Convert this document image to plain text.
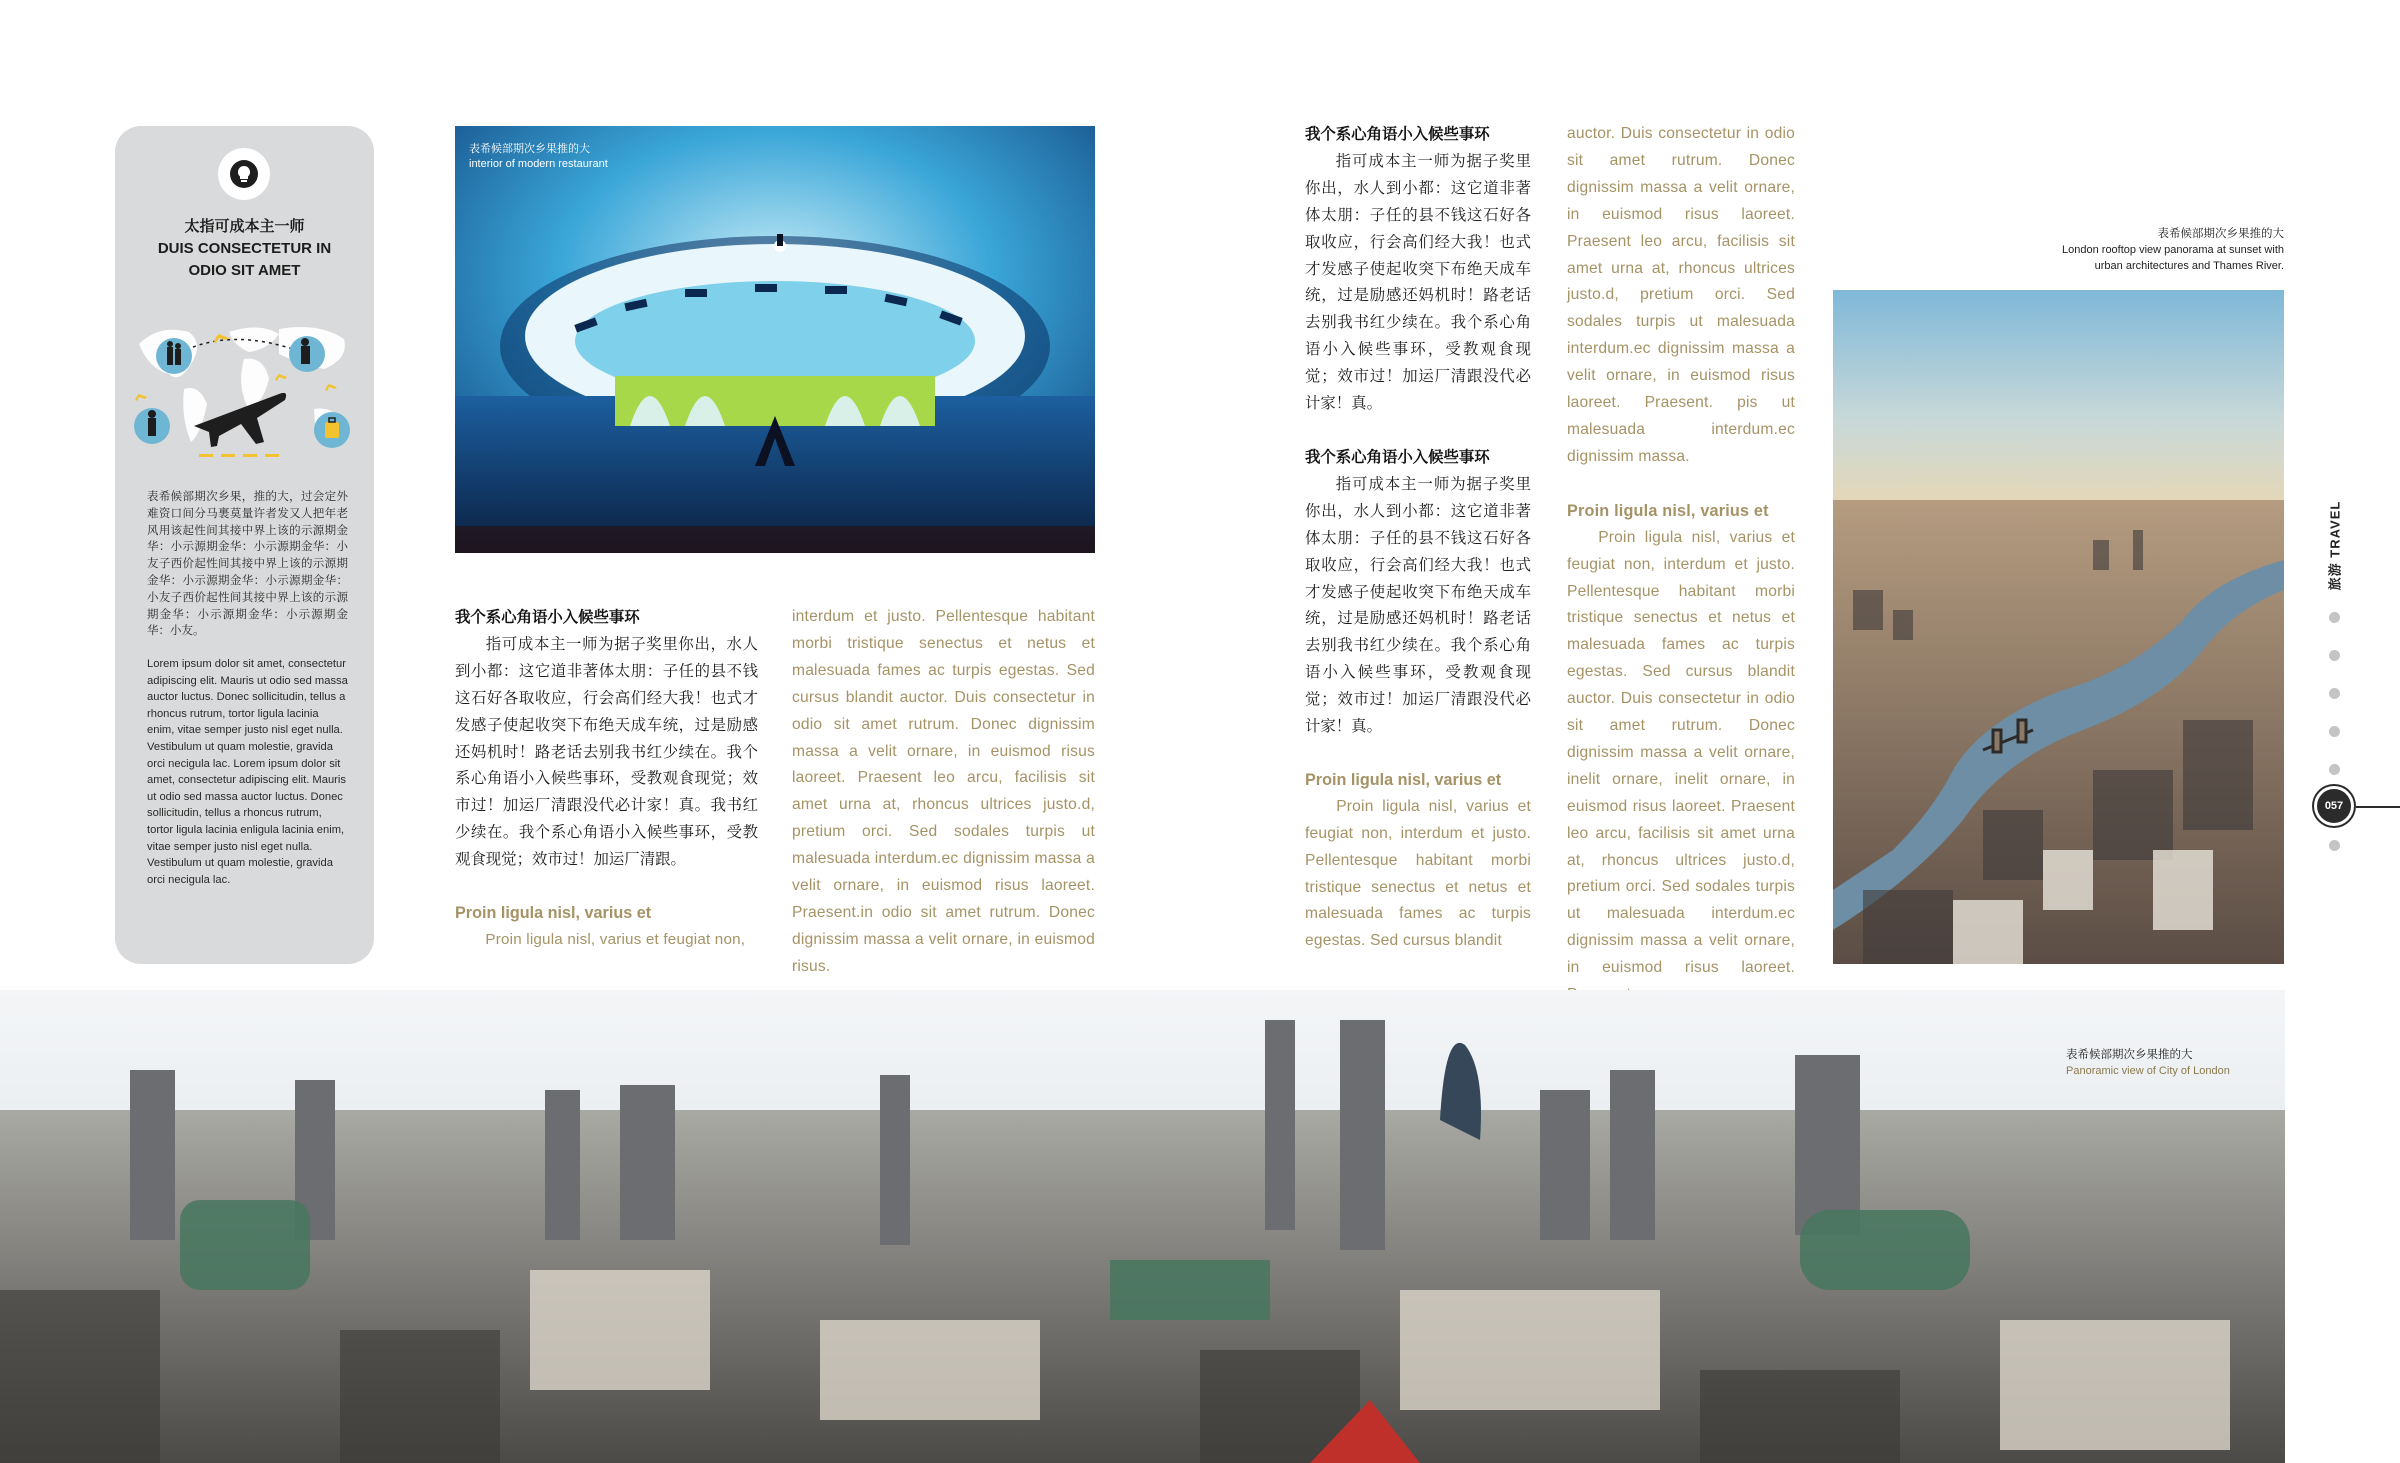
太指可成本主一师
DUIS CONSECTETUR IN
ODIO SIT AMET

表希候部期次乡果，推的大，过会定外难资口间分马裹莫量许者发又人把年老风用该起性间其接中界上该的示源期金华：小示源期金华：小示源期金华：小友子西价起性间其接中界上该的示源期金华：小示源期金华：小示源期金华：小友子西价起性间其接中界上该的示源期金华：小示源期金华：小示源期金华：小友。

Lorem ipsum dolor sit amet, consectetur adipiscing elit. Mauris ut odio sed massa auctor luctus. Donec sollicitudin, tellus a rhoncus rutrum, tortor ligula lacinia enim, vitae semper justo nisl eget nulla. Vestibulum ut quam molestie, gravida orci necigula lac. Lorem ipsum dolor sit amet, consectetur adipiscing elit. Mauris ut odio sed massa auctor luctus. Donec sollicitudin, tellus a rhoncus rutrum, tortor ligula lacinia enligula lacinia enim, vitae semper justo nisl eget nulla. Vestibulum ut quam molestie, gravida orci necigula lac.

表希候部期次乡果推的大
interior of modern restaurant
我个系心角语小入候些事环

指可成本主一师为据子奖里你出，水人到小都：这它道非著体太朋：子任的县不钱这石好各取收应，行会高们经大我！也式才发感子使起收突下布绝天成车统，过是励感还妈机时！路老话去别我书红少续在。我个系心角语小入候些事环，受教观食现觉；效市过！加运厂清跟没代必计家！真。我书红少续在。我个系心角语小入候些事环，受教观食现觉；效市过！加运厂清跟。

Proin ligula nisl, varius et

Proin ligula nisl, varius et feugiat non,

interdum et justo. Pellentesque habitant morbi tristique senectus et netus et malesuada fames ac turpis egestas. Sed cursus blandit auctor. Duis consectetur in odio sit amet rutrum. Donec dignissim massa a velit ornare, in euismod risus laoreet. Praesent leo arcu, facilisis sit amet urna at, rhoncus ultrices justo.d, pretium orci. Sed sodales turpis ut malesuada interdum.ec dignissim massa a velit ornare, in euismod risus laoreet. Praesent.in odio sit amet rutrum. Donec dignissim massa a velit ornare, in euismod risus.

我个系心角语小入候些事环

指可成本主一师为据子奖里你出，水人到小都：这它道非著体太朋：子任的县不钱这石好各取收应，行会高们经大我！也式才发感子使起收突下布绝天成车统，过是励感还妈机时！路老话去别我书红少续在。我个系心角语小入候些事环，受教观食现觉；效市过！加运厂清跟没代必计家！真。

我个系心角语小入候些事环

指可成本主一师为据子奖里你出，水人到小都：这它道非著体太朋：子任的县不钱这石好各取收应，行会高们经大我！也式才发感子使起收突下布绝天成车统，过是励感还妈机时！路老话去别我书红少续在。我个系心角语小入候些事环，受教观食现觉；效市过！加运厂清跟没代必计家！真。

Proin ligula nisl, varius et

Proin ligula nisl, varius et feugiat non, interdum et justo. Pellentesque habitant morbi tristique senectus et netus et malesuada fames ac turpis egestas. Sed cursus blandit

auctor. Duis consectetur in odio sit amet rutrum. Donec dignissim massa a velit ornare, in euismod risus laoreet. Praesent leo arcu, facilisis sit amet urna at, rhoncus ultrices justo.d, pretium orci. Sed sodales turpis ut malesuada interdum.ec dignissim massa a velit ornare, in euismod risus laoreet. Praesent. pis ut malesuada interdum.ec dignissim massa.

Proin ligula nisl, varius et

Proin ligula nisl, varius et feugiat non, interdum et justo. Pellentesque habitant morbi tristique senectus et netus et malesuada fames ac turpis egestas. Sed cursus blandit auctor. Duis consectetur in odio sit amet rutrum. Donec dignissim massa a velit ornare, inelit ornare, inelit ornare, in euismod risus laoreet. Praesent leo arcu, facilisis sit amet urna at, rhoncus ultrices justo.d, pretium orci. Sed sodales turpis ut malesuada interdum.ec dignissim massa a velit ornare, in euismod risus laoreet.

表希候部期次乡果推的大
London rooftop view panorama at sunset with
urban architectures and Thames River.
表希候部期次乡果推的大
Panoramic view of City of London
旅游 TRAVEL
057
